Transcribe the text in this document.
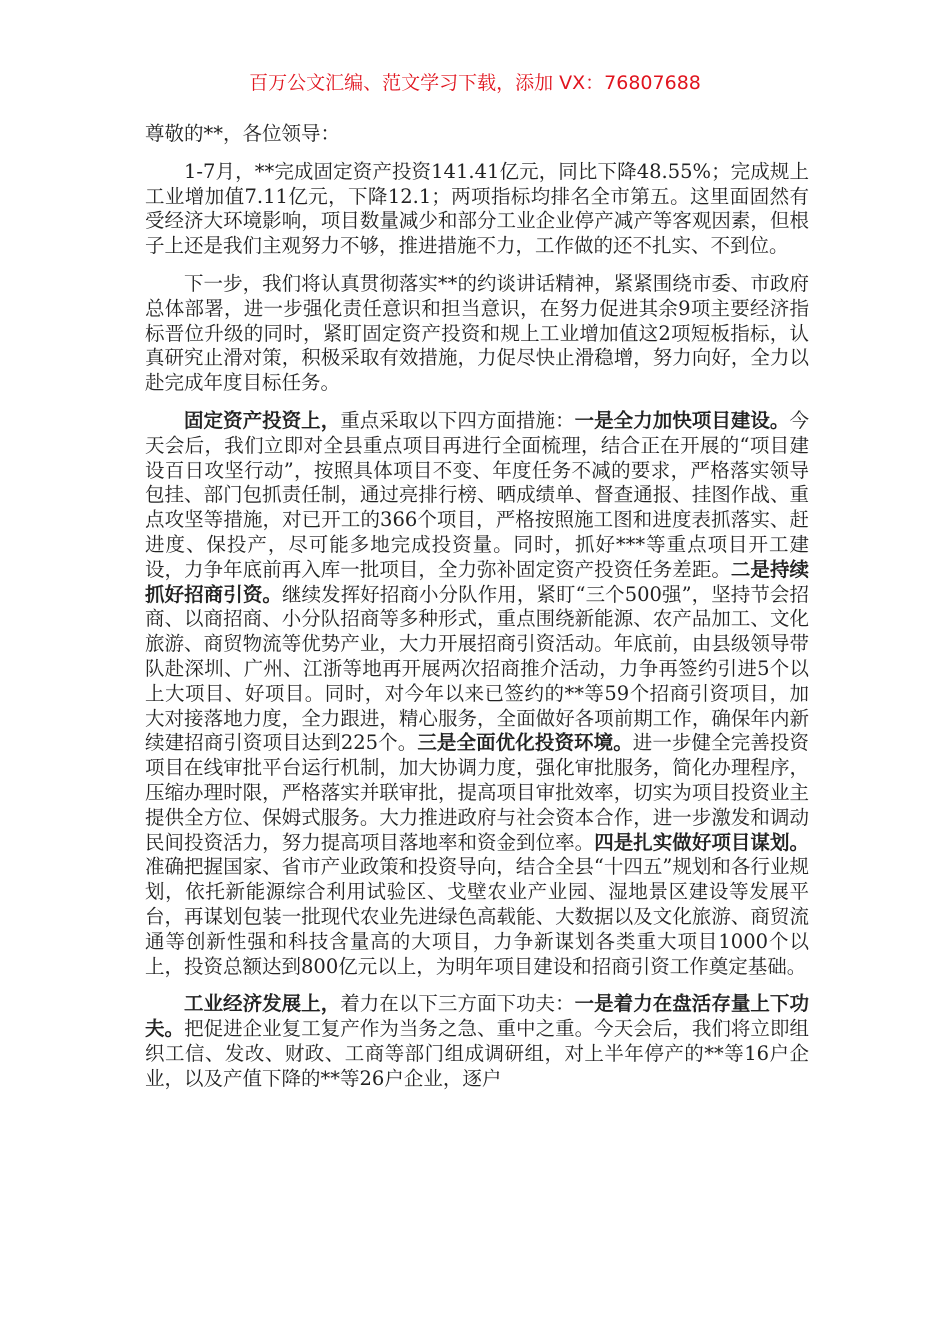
百万公文汇编、范文学习下载，添加 VX：76807688

尊敬的**，各位领导：

1-7月，**完成固定资产投资141.41亿元，同比下降48.55%；完成规上工业增加值7.11亿元，下降12.1；两项指标均排名全市第五。这里面固然有受经济大环境影响，项目数量减少和部分工业企业停产减产等客观因素，但根子上还是我们主观努力不够，推进措施不力，工作做的还不扎实、不到位。

下一步，我们将认真贯彻落实**的约谈讲话精神，紧紧围绕市委、市政府总体部署，进一步强化责任意识和担当意识，在努力促进其余9项主要经济指标晋位升级的同时，紧盯固定资产投资和规上工业增加值这2项短板指标，认真研究止滑对策，积极采取有效措施，力促尽快止滑稳增，努力向好，全力以赴完成年度目标任务。

固定资产投资上，重点采取以下四方面措施：一是全力加快项目建设。今天会后，我们立即对全县重点项目再进行全面梳理，结合正在开展的“项目建设百日攻坚行动”，按照具体项目不变、年度任务不减的要求，严格落实领导包挂、部门包抓责任制，通过亮排行榜、晒成绩单、督查通报、挂图作战、重点攻坚等措施，对已开工的366个项目，严格按照施工图和进度表抓落实、赶进度、保投产，尽可能多地完成投资量。同时，抓好***等重点项目开工建设，力争年底前再入库一批项目，全力弥补固定资产投资任务差距。二是持续抓好招商引资。继续发挥好招商小分队作用，紧盯“三个500强”，坚持节会招商、以商招商、小分队招商等多种形式，重点围绕新能源、农产品加工、文化旅游、商贸物流等优势产业，大力开展招商引资活动。年底前，由县级领导带队赴深圳、广州、江浙等地再开展两次招商推介活动，力争再签约引进5个以上大项目、好项目。同时，对今年以来已签约的**等59个招商引资项目，加大对接落地力度，全力跟进，精心服务，全面做好各项前期工作，确保年内新续建招商引资项目达到225个。三是全面优化投资环境。进一步健全完善投资项目在线审批平台运行机制，加大协调力度，强化审批服务，简化办理程序，压缩办理时限，严格落实并联审批，提高项目审批效率，切实为项目投资业主提供全方位、保姆式服务。大力推进政府与社会资本合作，进一步激发和调动民间投资活力，努力提高项目落地率和资金到位率。四是扎实做好项目谋划。准确把握国家、省市产业政策和投资导向，结合全县“十四五”规划和各行业规划，依托新能源综合利用试验区、戈壁农业产业园、湿地景区建设等发展平台，再谋划包装一批现代农业先进绿色高载能、大数据以及文化旅游、商贸流通等创新性强和科技含量高的大项目，力争新谋划各类重大项目1000个以上，投资总额达到800亿元以上，为明年项目建设和招商引资工作奠定基础。

工业经济发展上，着力在以下三方面下功夫：一是着力在盘活存量上下功夫。把促进企业复工复产作为当务之急、重中之重。今天会后，我们将立即组织工信、发改、财政、工商等部门组成调研组，对上半年停产的**等16户企业，以及产值下降的**等26户企业，逐户
